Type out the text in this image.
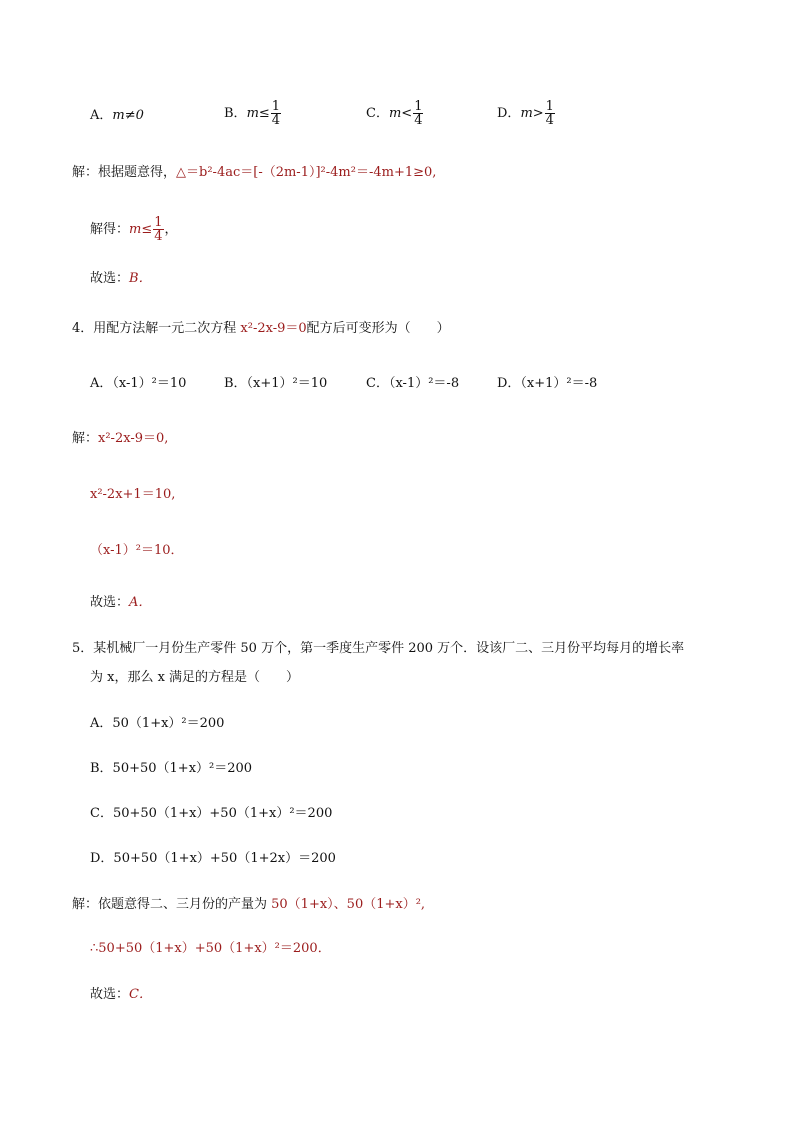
A．m≠0	B．$m\le \frac{1}{4}$	C．$m< \frac{1}{4}$	D．$m> \frac{1}{4}$
解：根据题意得，△＝b²-4ac＝[-（2m-1）]²-4m²＝-4m+1≥0,
解得：$m\le \frac{1}{4}$ ，
故选：B．
4．用配方法解一元二次方程 x²-2x-9＝0配方后可变形为（　　）
A．（x-1）²＝10	B．（x+1）²＝10	C．（x-1）²＝-8	D．（x+1）²＝-8
解：x²-2x-9＝0,
x²-2x+1＝10,
（x-1）²＝10．
故选：A．
5．某机械厂一月份生产零件 50 万个，第一季度生产零件 200 万个．设该厂二、三月份平均每月的增长率
为 x，那么 x 满足的方程是（　　）
A．50（1+x）²＝200
B．50+50（1+x）²＝200
C．50+50（1+x）+50（1+x）²＝200
D．50+50（1+x）+50（1+2x）＝200
解：依题意得二、三月份的产量为 50（1+x）、50（1+x）²,
∴50+50（1+x）+50（1+x）²＝200．
故选：C．
